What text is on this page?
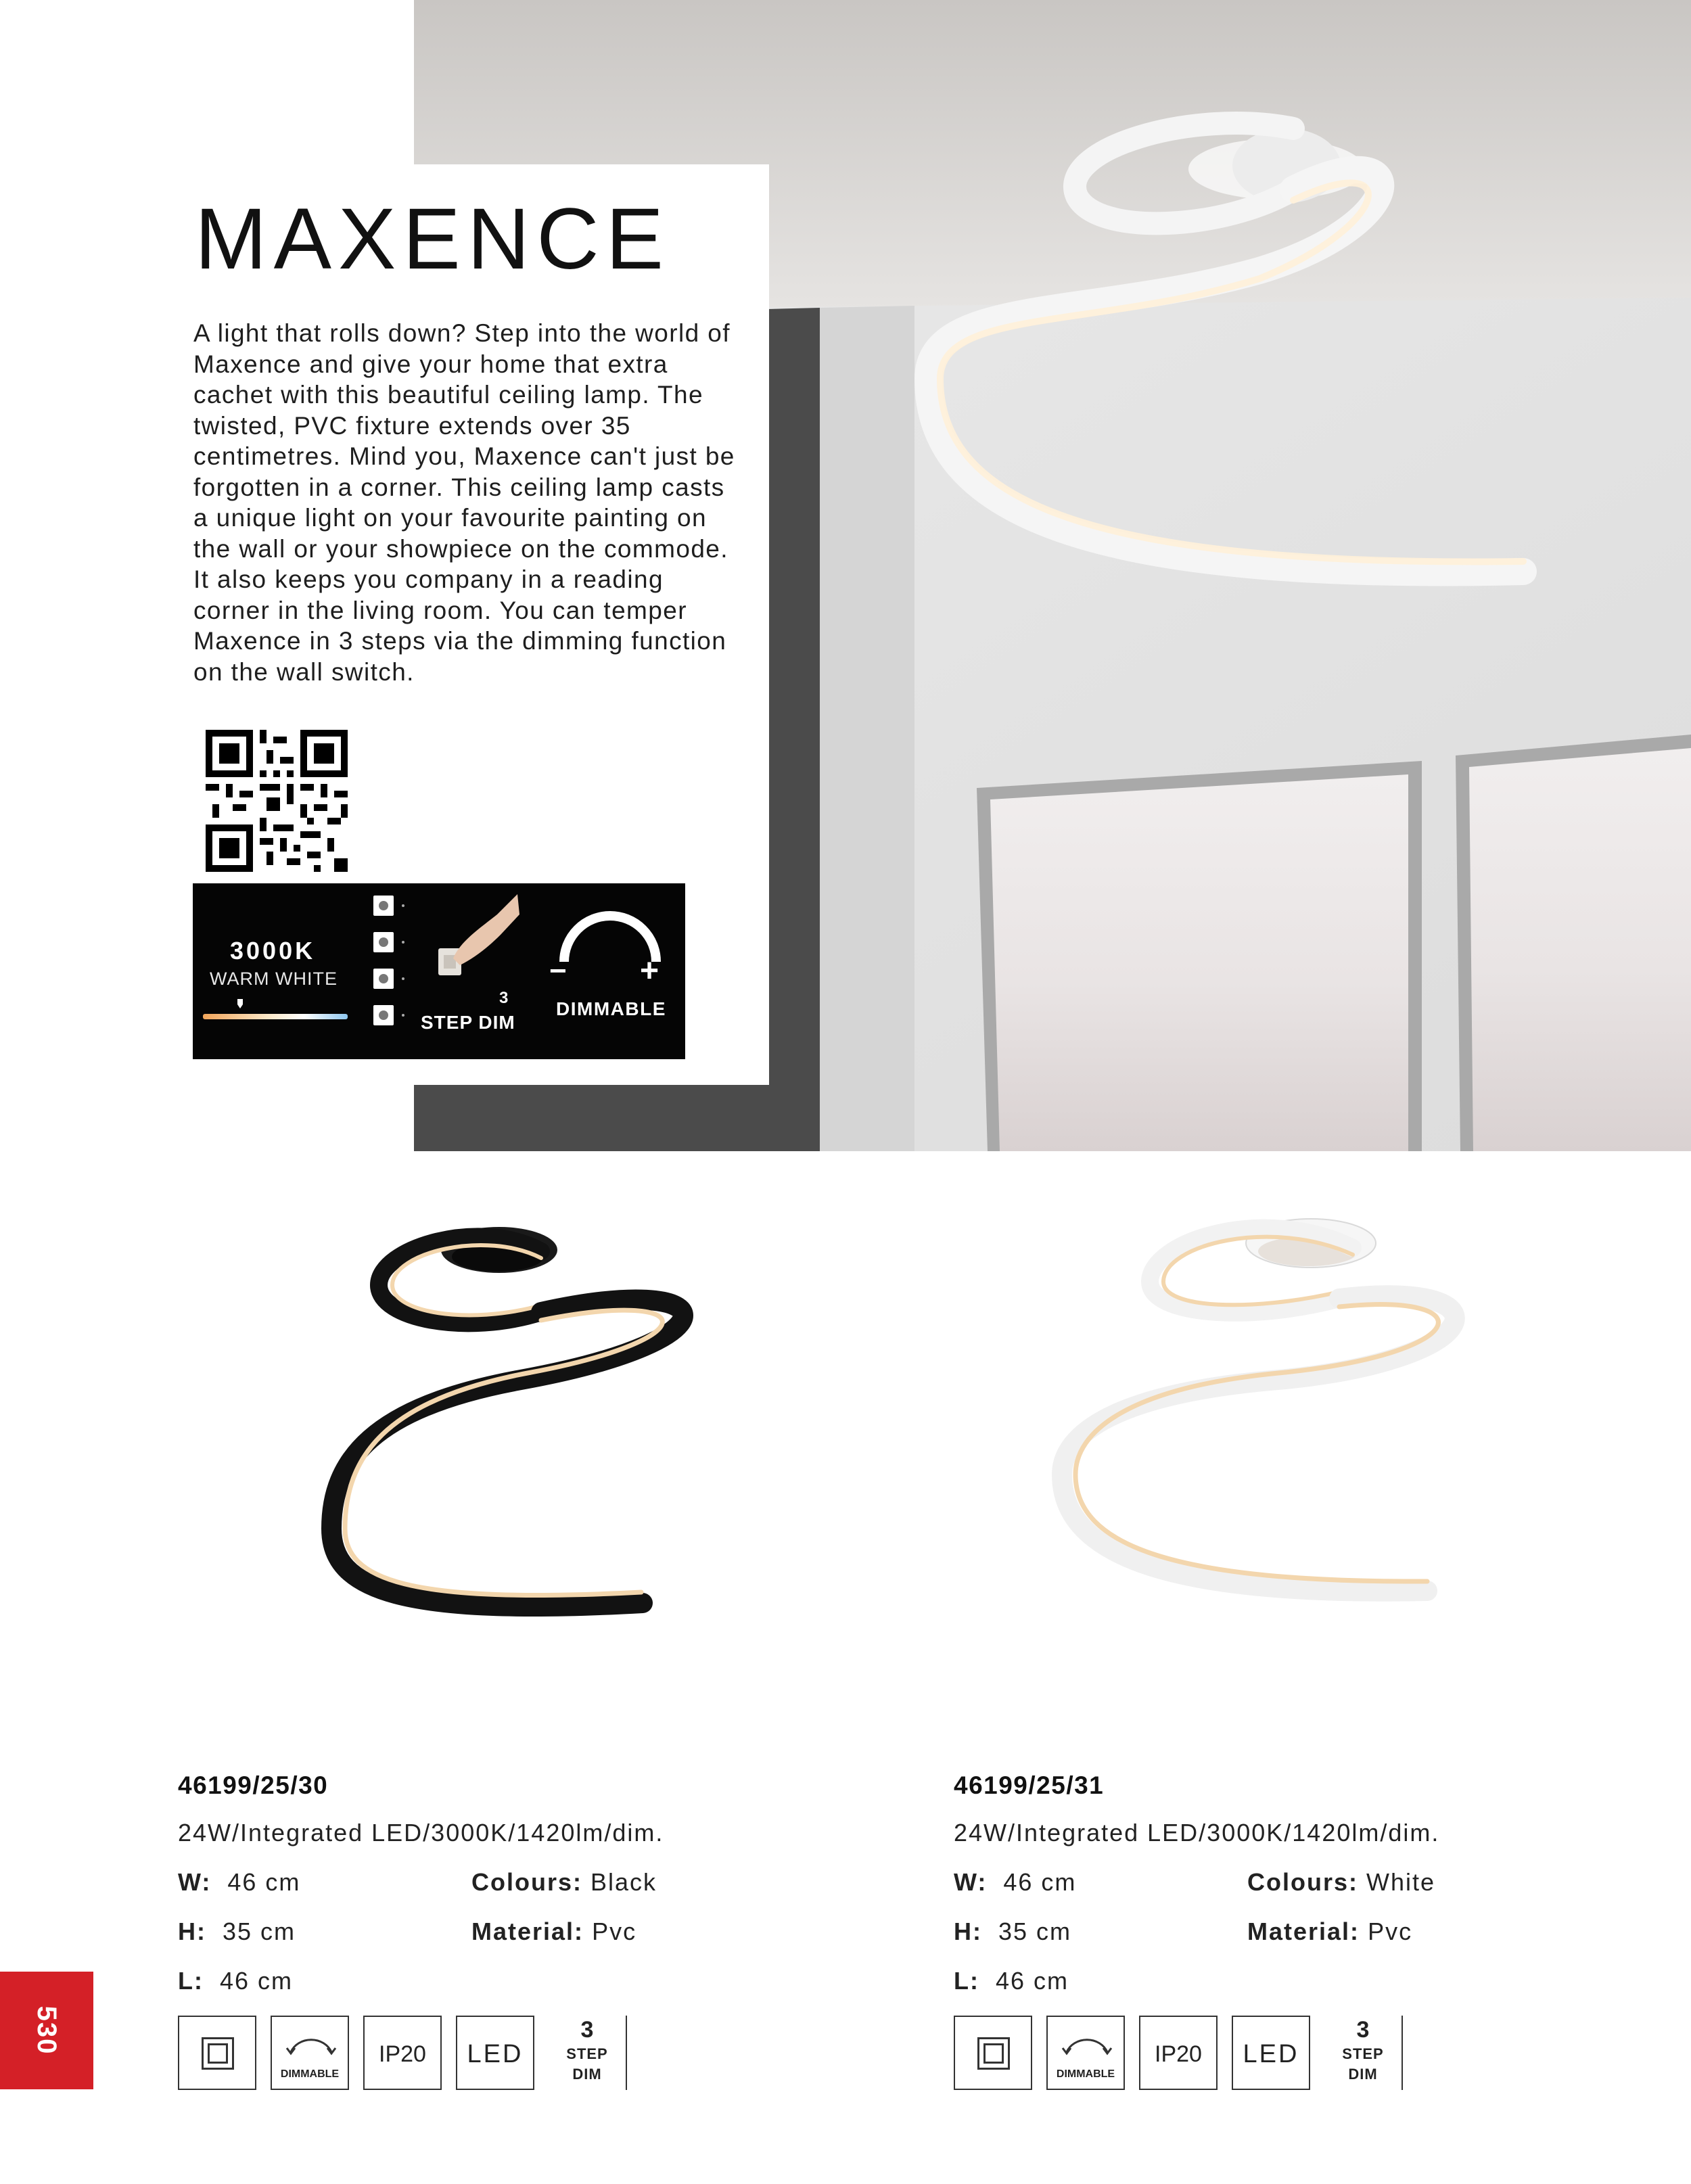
MAXENCE
A light that rolls down? Step into the world of Maxence and give your home that extra cachet with this beautiful ceiling lamp. The twisted, PVC fixture extends over 35 centimetres. Mind you, Maxence can't just be forgotten in a corner. This ceiling lamp casts a unique light on your favourite painting on the wall or your showpiece on the commode. It also keeps you company in a reading corner in the living room. You can temper Maxence in 3 steps via the dimming function on the wall switch.
3000K
WARM WHITE
3
STEP DIM
− +
DIMMABLE
46199/25/30
24W/Integrated LED/3000K/1420lm/dim.
W: 46 cm
H: 35 cm
L: 46 cm
Colours: Black
Material: Pvc
DIMMABLE
IP20	LED
3
STEP
DIM
46199/25/31
24W/Integrated LED/3000K/1420lm/dim.
W: 46 cm
H: 35 cm
L: 46 cm
Colours: White
Material: Pvc
DIMMABLE
IP20	LED
3
STEP
DIM
530
